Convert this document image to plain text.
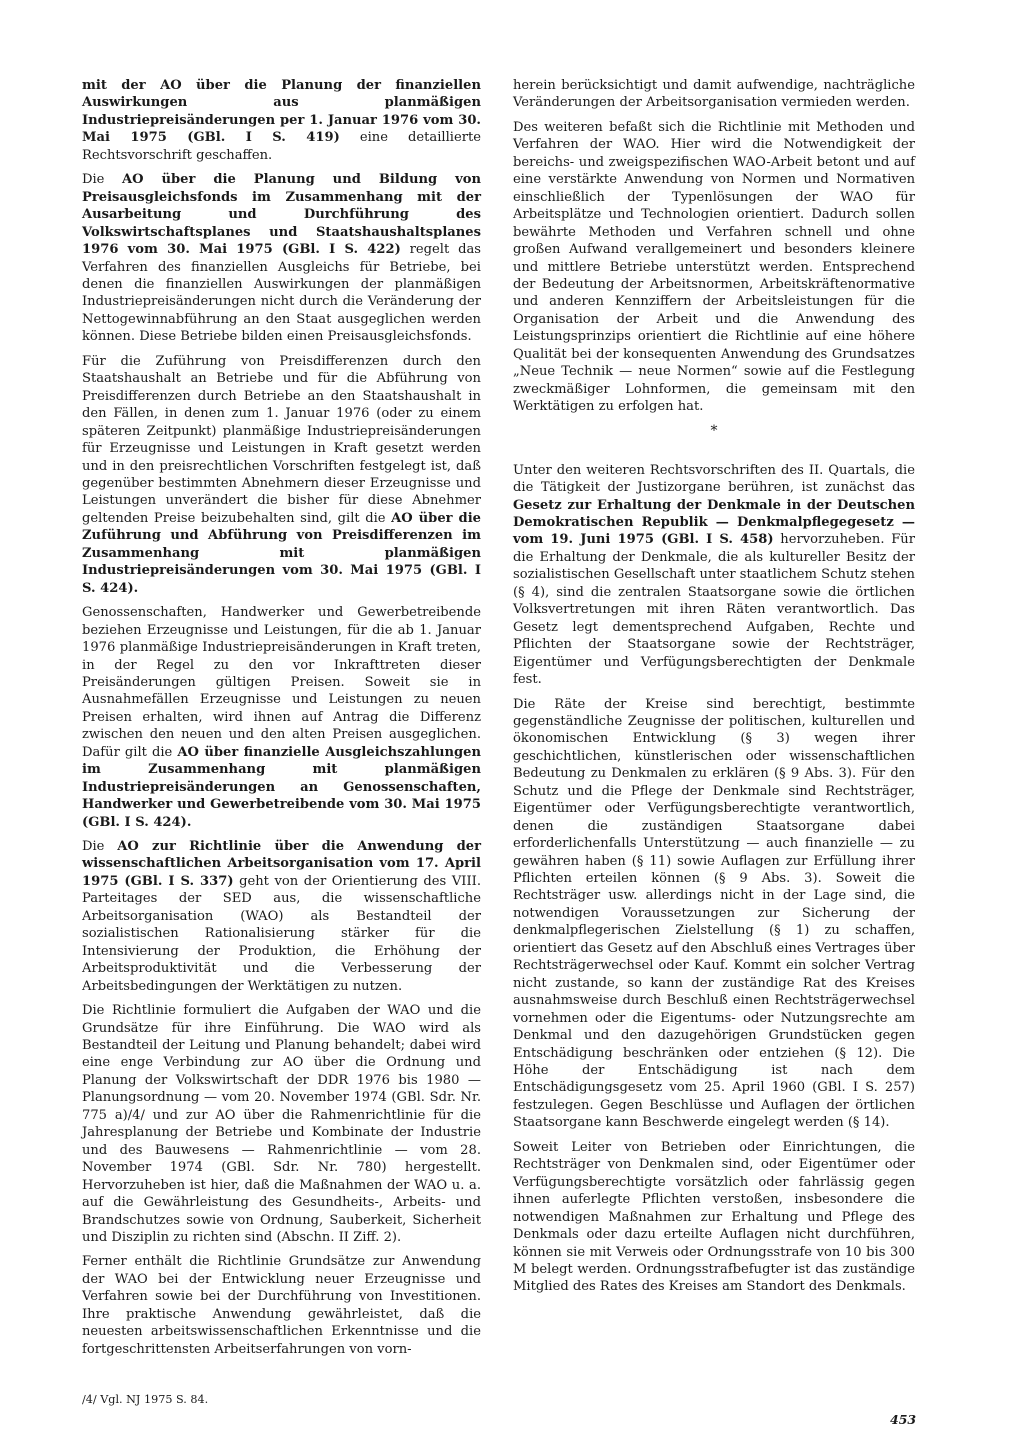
mit der AO über die Planung der finanziellen Auswirkungen aus planmäßigen Industriepreisänderungen per 1. Januar 1976 vom 30. Mai 1975 (GBl. I S. 419) eine detaillierte Rechtsvorschrift geschaffen.

Die AO über die Planung und Bildung von Preisausgleichsfonds im Zusammenhang mit der Ausarbeitung und Durchführung des Volkswirtschaftsplanes und Staatshaushaltsplanes 1976 vom 30. Mai 1975 (GBl. I S. 422) regelt das Verfahren des finanziellen Ausgleichs für Betriebe, bei denen die finanziellen Auswirkungen der planmäßigen Industriepreisänderungen nicht durch die Veränderung der Nettogewinnabführung an den Staat ausgeglichen werden können. Diese Betriebe bilden einen Preisausgleichsfonds.

Für die Zuführung von Preisdifferenzen durch den Staatshaushalt an Betriebe und für die Abführung von Preisdifferenzen durch Betriebe an den Staatshaushalt in den Fällen, in denen zum 1. Januar 1976 (oder zu einem späteren Zeitpunkt) planmäßige Industriepreisänderungen für Erzeugnisse und Leistungen in Kraft gesetzt werden und in den preisrechtlichen Vorschriften festgelegt ist, daß gegenüber bestimmten Abnehmern dieser Erzeugnisse und Leistungen unverändert die bisher für diese Abnehmer geltenden Preise beizubehalten sind, gilt die AO über die Zuführung und Abführung von Preisdifferenzen im Zusammenhang mit planmäßigen Industriepreisänderungen vom 30. Mai 1975 (GBl. I S. 424).

Genossenschaften, Handwerker und Gewerbetreibende beziehen Erzeugnisse und Leistungen, für die ab 1. Januar 1976 planmäßige Industriepreisänderungen in Kraft treten, in der Regel zu den vor Inkrafttreten dieser Preisänderungen gültigen Preisen. Soweit sie in Ausnahmefällen Erzeugnisse und Leistungen zu neuen Preisen erhalten, wird ihnen auf Antrag die Differenz zwischen den neuen und den alten Preisen ausgeglichen. Dafür gilt die AO über finanzielle Ausgleichszahlungen im Zusammenhang mit planmäßigen Industriepreisänderungen an Genossenschaften, Handwerker und Gewerbetreibende vom 30. Mai 1975 (GBl. I S. 424).

Die AO zur Richtlinie über die Anwendung der wissenschaftlichen Arbeitsorganisation vom 17. April 1975 (GBl. I S. 337) geht von der Orientierung des VIII. Parteitages der SED aus, die wissenschaftliche Arbeitsorganisation (WAO) als Bestandteil der sozialistischen Rationalisierung stärker für die Intensivierung der Produktion, die Erhöhung der Arbeitsproduktivität und die Verbesserung der Arbeitsbedingungen der Werktätigen zu nutzen.

Die Richtlinie formuliert die Aufgaben der WAO und die Grundsätze für ihre Einführung. Die WAO wird als Bestandteil der Leitung und Planung behandelt; dabei wird eine enge Verbindung zur AO über die Ordnung und Planung der Volkswirtschaft der DDR 1976 bis 1980 — Planungsordnung — vom 20. November 1974 (GBl. Sdr. Nr. 775 a)/4/ und zur AO über die Rahmenrichtlinie für die Jahresplanung der Betriebe und Kombinate der Industrie und des Bauwesens — Rahmenrichtlinie — vom 28. November 1974 (GBl. Sdr. Nr. 780) hergestellt. Hervorzuheben ist hier, daß die Maßnahmen der WAO u. a. auf die Gewährleistung des Gesundheits-, Arbeits- und Brandschutzes sowie von Ordnung, Sauberkeit, Sicherheit und Disziplin zu richten sind (Abschn. II Ziff. 2).

Ferner enthält die Richtlinie Grundsätze zur Anwendung der WAO bei der Entwicklung neuer Erzeugnisse und Verfahren sowie bei der Durchführung von Investitionen. Ihre praktische Anwendung gewährleistet, daß die neuesten arbeitswissenschaftlichen Erkenntnisse und die fortgeschrittensten Arbeitserfahrungen von vorn-

herein berücksichtigt und damit aufwendige, nachträgliche Veränderungen der Arbeitsorganisation vermieden werden.

Des weiteren befaßt sich die Richtlinie mit Methoden und Verfahren der WAO. Hier wird die Notwendigkeit der bereichs- und zweigspezifischen WAO-Arbeit betont und auf eine verstärkte Anwendung von Normen und Normativen einschließlich der Typenlösungen der WAO für Arbeitsplätze und Technologien orientiert. Dadurch sollen bewährte Methoden und Verfahren schnell und ohne großen Aufwand verallgemeinert und besonders kleinere und mittlere Betriebe unterstützt werden. Entsprechend der Bedeutung der Arbeitsnormen, Arbeitskräftenormative und anderen Kennziffern der Arbeitsleistungen für die Organisation der Arbeit und die Anwendung des Leistungsprinzips orientiert die Richtlinie auf eine höhere Qualität bei der konsequenten Anwendung des Grundsatzes „Neue Technik — neue Normen“ sowie auf die Festlegung zweckmäßiger Lohnformen, die gemeinsam mit den Werktätigen zu erfolgen hat.

*

Unter den weiteren Rechtsvorschriften des II. Quartals, die die Tätigkeit der Justizorgane berühren, ist zunächst das Gesetz zur Erhaltung der Denkmale in der Deutschen Demokratischen Republik — Denkmalpflegegesetz — vom 19. Juni 1975 (GBl. I S. 458) hervorzuheben. Für die Erhaltung der Denkmale, die als kultureller Besitz der sozialistischen Gesellschaft unter staatlichem Schutz stehen (§ 4), sind die zentralen Staatsorgane sowie die örtlichen Volksvertretungen mit ihren Räten verantwortlich. Das Gesetz legt dementsprechend Aufgaben, Rechte und Pflichten der Staatsorgane sowie der Rechtsträger, Eigentümer und Verfügungsberechtigten der Denkmale fest.

Die Räte der Kreise sind berechtigt, bestimmte gegenständliche Zeugnisse der politischen, kulturellen und ökonomischen Entwicklung (§ 3) wegen ihrer geschichtlichen, künstlerischen oder wissenschaftlichen Bedeutung zu Denkmalen zu erklären (§ 9 Abs. 3). Für den Schutz und die Pflege der Denkmale sind Rechtsträger, Eigentümer oder Verfügungsberechtigte verantwortlich, denen die zuständigen Staatsorgane dabei erforderlichenfalls Unterstützung — auch finanzielle — zu gewähren haben (§ 11) sowie Auflagen zur Erfüllung ihrer Pflichten erteilen können (§ 9 Abs. 3). Soweit die Rechtsträger usw. allerdings nicht in der Lage sind, die notwendigen Voraussetzungen zur Sicherung der denkmalpflegerischen Zielstellung (§ 1) zu schaffen, orientiert das Gesetz auf den Abschluß eines Vertrages über Rechtsträgerwechsel oder Kauf. Kommt ein solcher Vertrag nicht zustande, so kann der zuständige Rat des Kreises ausnahmsweise durch Beschluß einen Rechtsträgerwechsel vornehmen oder die Eigentums- oder Nutzungsrechte am Denkmal und den dazugehörigen Grundstücken gegen Entschädigung beschränken oder entziehen (§ 12). Die Höhe der Entschädigung ist nach dem Entschädigungsgesetz vom 25. April 1960 (GBl. I S. 257) festzulegen. Gegen Beschlüsse und Auflagen der örtlichen Staatsorgane kann Beschwerde eingelegt werden (§ 14).

Soweit Leiter von Betrieben oder Einrichtungen, die Rechtsträger von Denkmalen sind, oder Eigentümer oder Verfügungsberechtigte vorsätzlich oder fahrlässig gegen ihnen auferlegte Pflichten verstoßen, insbesondere die notwendigen Maßnahmen zur Erhaltung und Pflege des Denkmals oder dazu erteilte Auflagen nicht durchführen, können sie mit Verweis oder Ordnungsstrafe von 10 bis 300 M belegt werden. Ordnungsstrafbefugter ist das zuständige Mitglied des Rates des Kreises am Standort des Denkmals.

/4/ Vgl. NJ 1975 S. 84.

453
